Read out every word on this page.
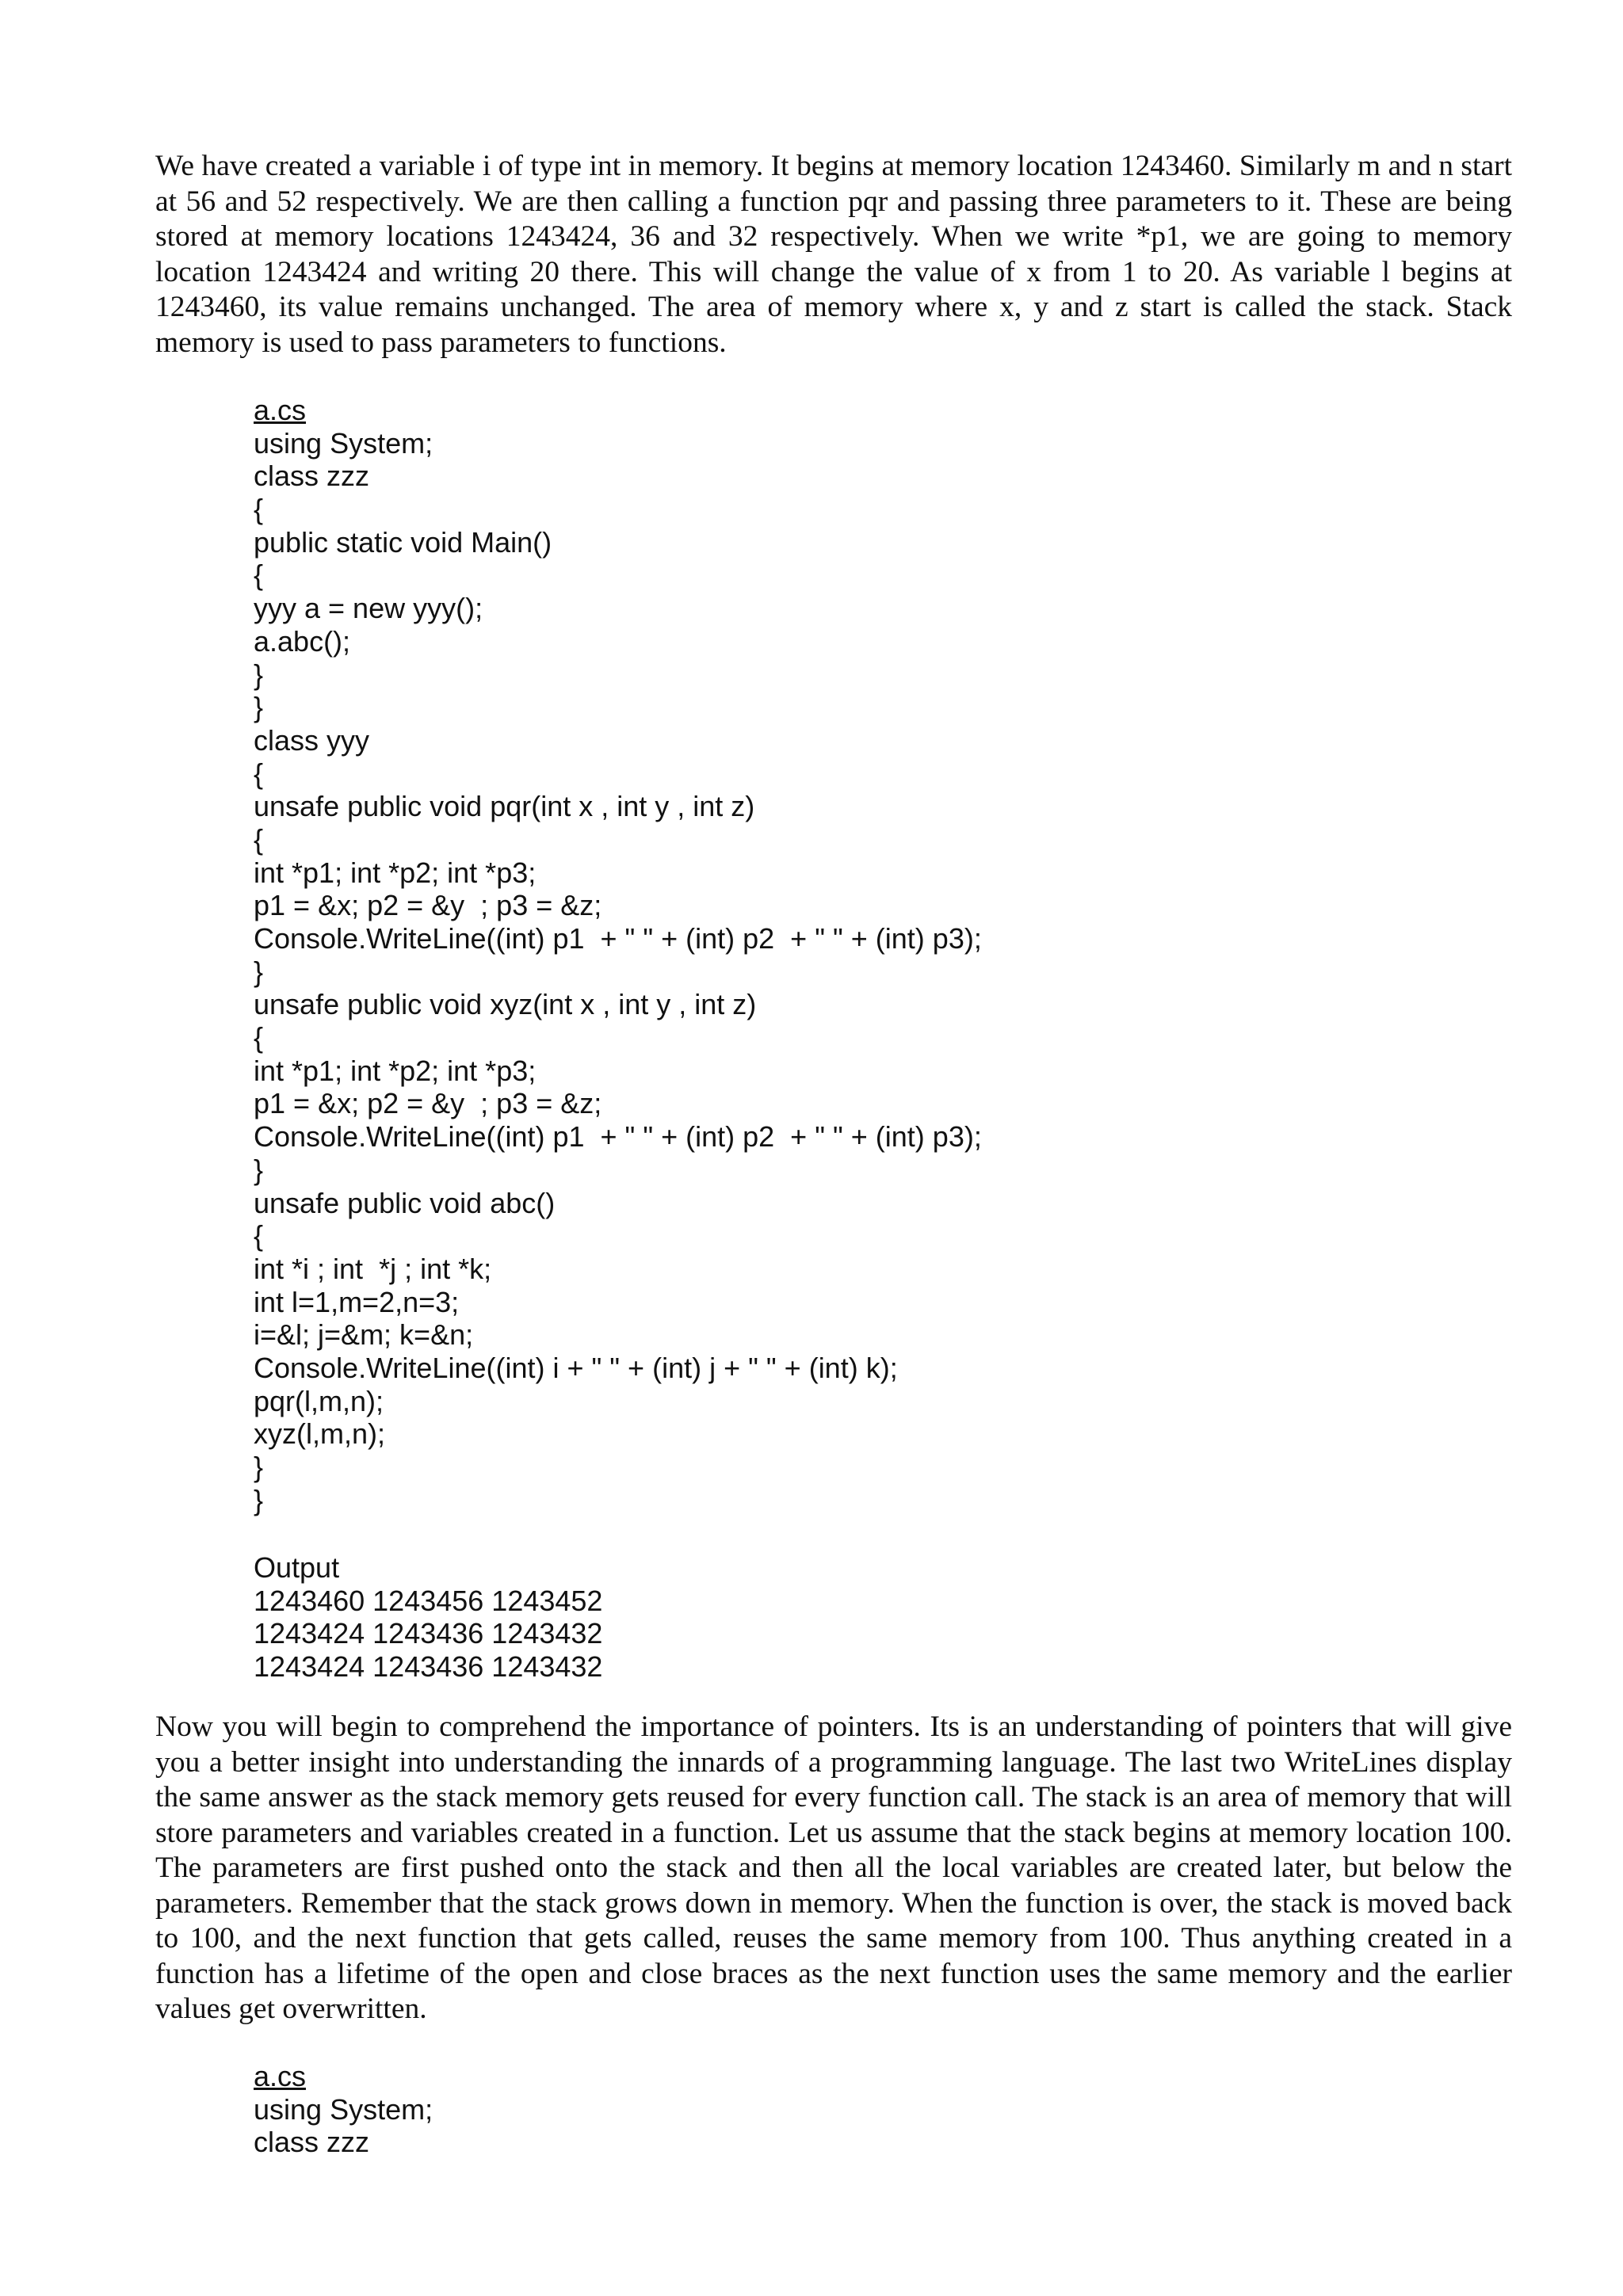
We have created a variable i of type int in memory. It begins at memory location 1243460. Similarly m and n start at 56 and 52 respectively. We are then calling a function pqr and passing three parameters to it. These are being stored at memory locations 1243424, 36 and 32 respectively. When we write *p1, we are going to memory location 1243424 and writing 20 there. This will change the value of x from 1 to 20. As variable l begins at 1243460, its value remains unchanged. The area of memory where x, y and z start is called the stack. Stack memory is used to pass parameters to functions.

a.cs
using System;
class zzz
{
public static void Main()
{
yyy a = new yyy();
a.abc();
}
}
class yyy
{
unsafe public void pqr(int x , int y , int z)
{
int *p1; int *p2; int *p3;
p1 = &x; p2 = &y  ; p3 = &z;
Console.WriteLine((int) p1  + " " + (int) p2  + " " + (int) p3);
}
unsafe public void xyz(int x , int y , int z)
{
int *p1; int *p2; int *p3;
p1 = &x; p2 = &y  ; p3 = &z;
Console.WriteLine((int) p1  + " " + (int) p2  + " " + (int) p3);
}
unsafe public void abc()
{
int *i ; int  *j ; int *k;
int l=1,m=2,n=3;
i=&l; j=&m; k=&n;
Console.WriteLine((int) i + " " + (int) j + " " + (int) k);
pqr(l,m,n);
xyz(l,m,n);
}
}
Output
1243460 1243456 1243452
1243424 1243436 1243432
1243424 1243436 1243432

Now you will begin to comprehend the importance of pointers. Its is an understanding of pointers that will give you a better insight into understanding the innards of a programming language. The last two WriteLines display the same answer as the stack memory gets reused for every function call. The stack is an area of memory that will store parameters and variables created in a function. Let us assume that the stack begins at memory location 100. The parameters are first pushed onto the stack and then all the local variables are created later, but below the parameters. Remember that the stack grows down in memory. When the function is over, the stack is moved back to 100, and the next function that gets called, reuses the same memory from 100. Thus anything created in a function has a lifetime of the open and close braces as the next function uses the same memory and the earlier values get overwritten.

a.cs
using System;
class zzz
